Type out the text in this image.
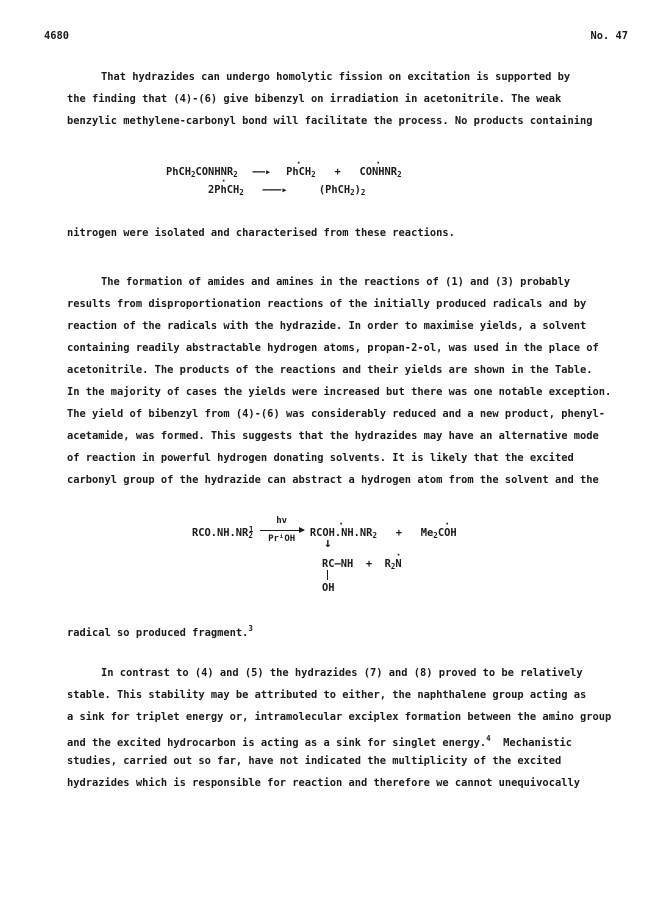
4680	No. 47
That hydrazides can undergo homolytic fission on excitation is supported by
the finding that (4)-(6) give bibenzyl on irradiation in acetonitrile. The weak
benzylic methylene-carbonyl bond will facilitate the process. No products containing
$PhCH_2CONHNR_2$ ——▸ · PhCH$_2$ + · $CONHNR_2$
· 2PhCH$_2$ ———▸	$(PhCH_2)_2$
nitrogen were isolated and characterised from these reactions.
The formation of amides and amines in the reactions of (1) and (3) probably
results from disproportionation reactions of the initially produced radicals and by
reaction of the radicals with the hydrazide. In order to maximise yields, a solvent
containing readily abstractable hydrogen atoms, propan-2-ol, was used in the place of
acetonitrile. The products of the reactions and their yields are shown in the Table.
In the majority of cases the yields were increased but there was one notable exception.
The yield of bibenzyl from (4)-(6) was considerably reduced and a new product, phenyl-
acetamide, was formed. This suggests that the hydrazides may have an alternative mode
of reaction in powerful hydrogen donating solvents. It is likely that the excited
carbonyl group of the hydrazide can abstract a hydrogen atom from the solvent and the
$RCO.NH.NR_2^1$
hv
PrⁱOH	· $RCOH.NH.NR_2 + Me_2\cdot$ COH
↓
RC—NH + $R_2\cdot N$
OH
radical so produced fragment.$^3$
In contrast to (4) and (5) the hydrazides (7) and (8) proved to be relatively
stable. This stability may be attributed to either, the naphthalene group acting as
a sink for triplet energy or, intramolecular exciplex formation between the amino group
and the excited hydrocarbon is acting as a sink for singlet energy.$^4$ Mechanistic
studies, carried out so far, have not indicated the multiplicity of the excited
hydrazides which is responsible for reaction and therefore we cannot unequivocally
